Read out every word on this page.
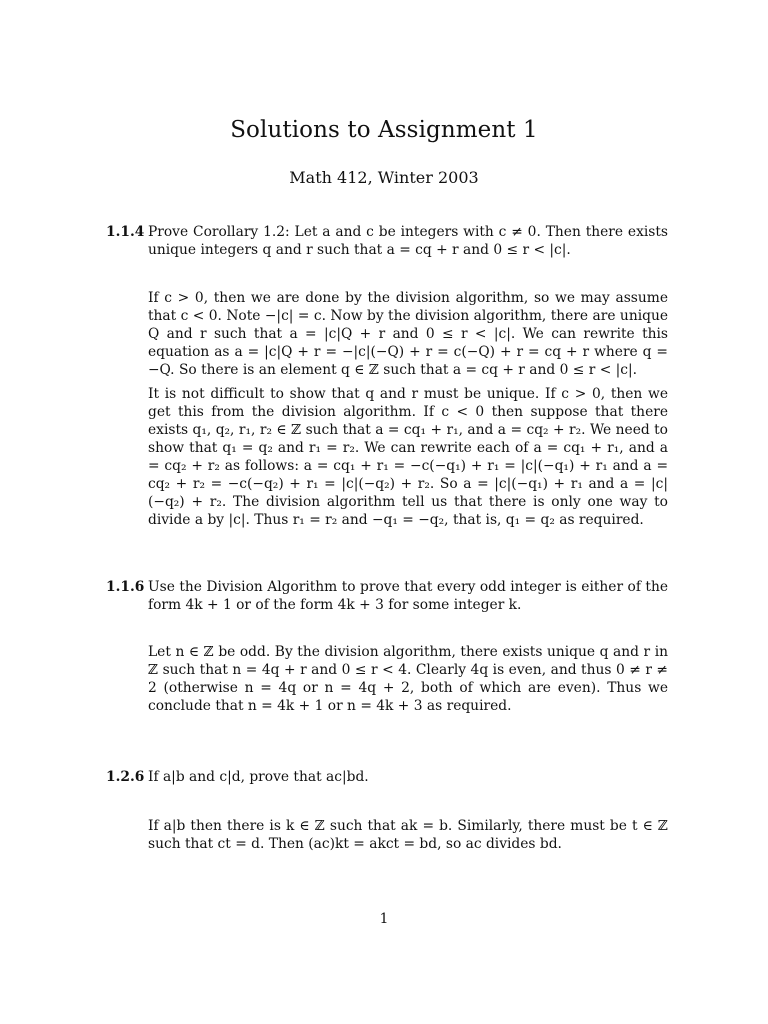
Solutions to Assignment 1
Math 412, Winter 2003
1.1.4 Prove Corollary 1.2: Let a and c be integers with c ≠ 0. Then there exists unique integers q and r such that a = cq + r and 0 ≤ r < |c|.

If c > 0, then we are done by the division algorithm, so we may assume that c < 0. Note −|c| = c. Now by the division algorithm, there are unique Q and r such that a = |c|Q + r and 0 ≤ r < |c|. We can rewrite this equation as a = |c|Q + r = −|c|(−Q) + r = c(−Q) + r = cq + r where q = −Q. So there is an element q ∈ ℤ such that a = cq + r and 0 ≤ r < |c|.

It is not difficult to show that q and r must be unique. If c > 0, then we get this from the division algorithm. If c < 0 then suppose that there exists q₁, q₂, r₁, r₂ ∈ ℤ such that a = cq₁ + r₁, and a = cq₂ + r₂. We need to show that q₁ = q₂ and r₁ = r₂. We can rewrite each of a = cq₁ + r₁, and a = cq₂ + r₂ as follows: a = cq₁ + r₁ = −c(−q₁) + r₁ = |c|(−q₁) + r₁ and a = cq₂ + r₂ = −c(−q₂) + r₁ = |c|(−q₂) + r₂. So a = |c|(−q₁) + r₁ and a = |c|(−q₂) + r₂. The division algorithm tell us that there is only one way to divide a by |c|. Thus r₁ = r₂ and −q₁ = −q₂, that is, q₁ = q₂ as required.

1.1.6 Use the Division Algorithm to prove that every odd integer is either of the form 4k + 1 or of the form 4k + 3 for some integer k.

Let n ∈ ℤ be odd. By the division algorithm, there exists unique q and r in ℤ such that n = 4q + r and 0 ≤ r < 4. Clearly 4q is even, and thus 0 ≠ r ≠ 2 (otherwise n = 4q or n = 4q + 2, both of which are even). Thus we conclude that n = 4k + 1 or n = 4k + 3 as required.

1.2.6 If a|b and c|d, prove that ac|bd.

If a|b then there is k ∈ ℤ such that ak = b. Similarly, there must be t ∈ ℤ such that ct = d. Then (ac)kt = akct = bd, so ac divides bd.

1
